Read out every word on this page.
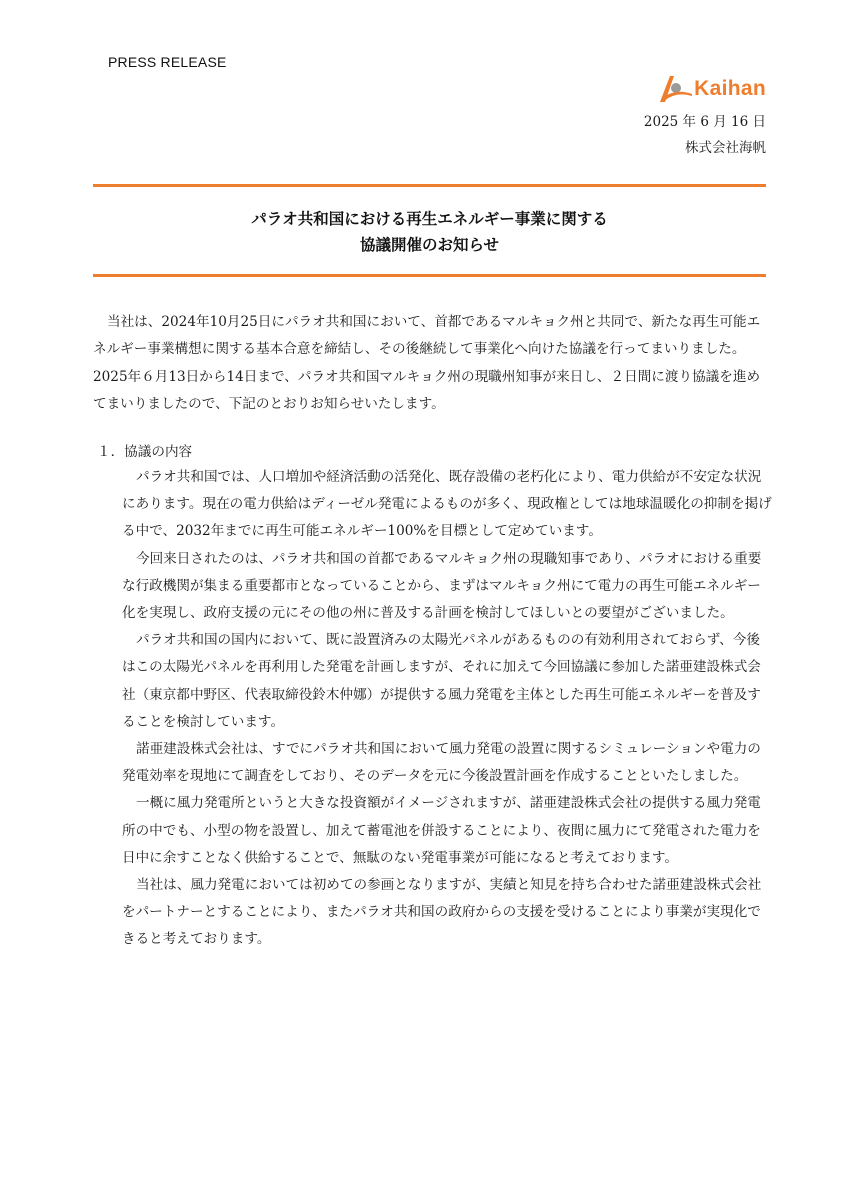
PRESS RELEASE
Kaihan
2025 年 6 月 16 日
株式会社海帆
パラオ共和国における再生エネルギー事業に関する
協議開催のお知らせ

当社は、2024年10月25日にパラオ共和国において、首都であるマルキョク州と共同で、新たな再生可能エネルギー事業構想に関する基本合意を締結し、その後継続して事業化へ向けた協議を行ってまいりました。2025年６月13日から14日まで、パラオ共和国マルキョク州の現職州知事が来日し、２日間に渡り協議を進めてまいりましたので、下記のとおりお知らせいたします。

１．協議の内容

パラオ共和国では、人口増加や経済活動の活発化、既存設備の老朽化により、電力供給が不安定な状況にあります。現在の電力供給はディーゼル発電によるものが多く、現政権としては地球温暖化の抑制を掲げる中で、2032年までに再生可能エネルギー100%を目標として定めています。

今回来日されたのは、パラオ共和国の首都であるマルキョク州の現職知事であり、パラオにおける重要な行政機関が集まる重要都市となっていることから、まずはマルキョク州にて電力の再生可能エネルギー化を実現し、政府支援の元にその他の州に普及する計画を検討してほしいとの要望がございました。

パラオ共和国の国内において、既に設置済みの太陽光パネルがあるものの有効利用されておらず、今後はこの太陽光パネルを再利用した発電を計画しますが、それに加えて今回協議に参加した諾亜建設株式会社（東京都中野区、代表取締役鈴木仲娜）が提供する風力発電を主体とした再生可能エネルギーを普及することを検討しています。

諾亜建設株式会社は、すでにパラオ共和国において風力発電の設置に関するシミュレーションや電力の発電効率を現地にて調査をしており、そのデータを元に今後設置計画を作成することといたしました。

一概に風力発電所というと大きな投資額がイメージされますが、諾亜建設株式会社の提供する風力発電所の中でも、小型の物を設置し、加えて蓄電池を併設することにより、夜間に風力にて発電された電力を日中に余すことなく供給することで、無駄のない発電事業が可能になると考えております。

当社は、風力発電においては初めての参画となりますが、実績と知見を持ち合わせた諾亜建設株式会社をパートナーとすることにより、またパラオ共和国の政府からの支援を受けることにより事業が実現化できると考えております。
